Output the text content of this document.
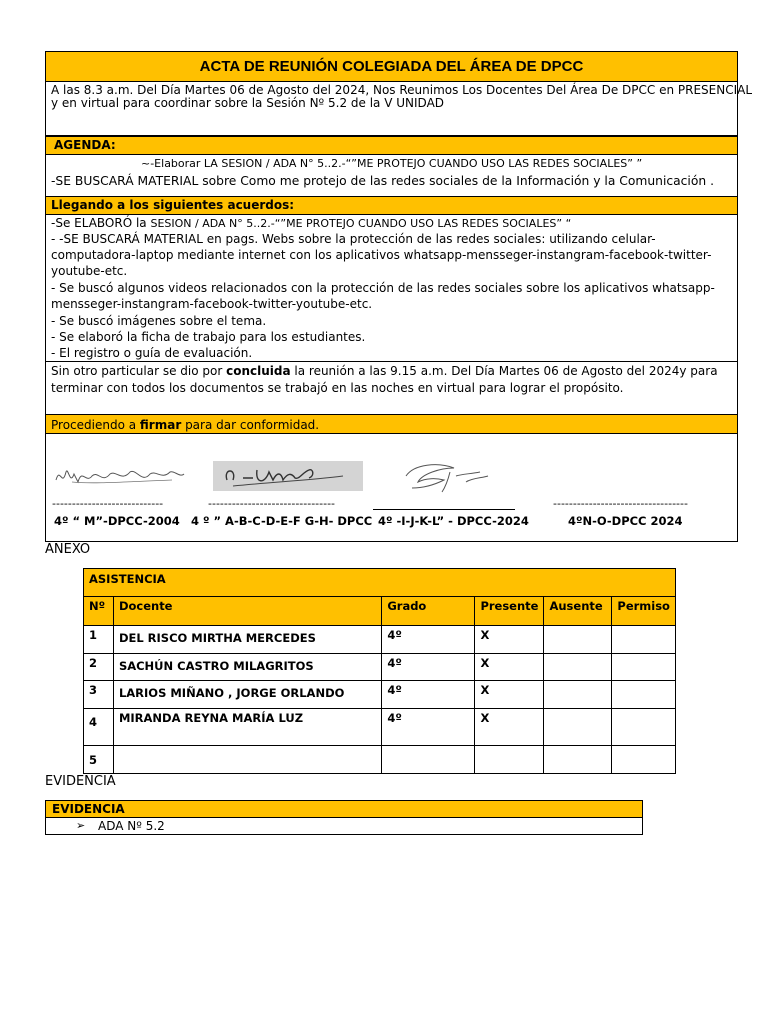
ACTA DE REUNIÓN COLEGIADA DEL ÁREA DE DPCC
A las 8.3 a.m. Del Día Martes 06 de Agosto del 2024, Nos Reunimos Los Docentes Del Área De DPCC en PRESENCIAL
y en virtual para coordinar sobre la Sesión Nº 5.2 de la V UNIDAD
AGENDA:
~-Elaborar LA SESION / ADA N° 5..2.-“”ME PROTEJO CUANDO USO LAS REDES SOCIALES” ”
-SE BUSCARÁ MATERIAL sobre Como me protejo de las redes sociales de la Información y la Comunicación .
Llegando a los siguientes acuerdos:
-Se ELABORÓ la SESION / ADA N° 5..2.-“”ME PROTEJO CUANDO USO LAS REDES SOCIALES” “
- -SE BUSCARÁ MATERIAL en pags. Webs sobre la protección de las redes sociales: utilizando celular-
computadora-laptop mediante internet con los aplicativos whatsapp-mensseger-instangram-facebook-twitter-
youtube-etc.
- Se buscó algunos videos relacionados con la protección de las redes sociales sobre los aplicativos whatsapp-
mensseger-instangram-facebook-twitter-youtube-etc.
- Se buscó imágenes sobre el tema.
- Se elaboró la ficha de trabajo para los estudiantes.
- El registro o guía de evaluación.
Sin otro particular se dio por concluida la reunión a las 9.15 a.m. Del Día Martes 06 de Agosto del 2024y para
terminar con todos los documentos se trabajó en las noches en virtual para lograr el propósito.
Procediendo a firmar para dar conformidad.
----------------------------	--------------------------------	----------------------------------
4º “ M”-DPCC-2004 4 º ” A-B-C-D-E-F G-H- DPCC 4º -I-J-K-L” - DPCC-2024	4ºN-O-DPCC 2024
ANEXO
ASISTENCIA					
Nº	Docente	Grado	Presente	Ausente	Permiso
1	DEL RISCO MIRTHA MERCEDES	4º	X		
2	SACHÚN CASTRO MILAGRITOS	4º	X		
3	LARIOS MIÑANO , JORGE ORLANDO	4º	X		
4	MIRANDA REYNA MARÍA LUZ	4º	X		
5					
EVIDENCIA
EVIDENCIA
➢ ADA Nº 5.2
